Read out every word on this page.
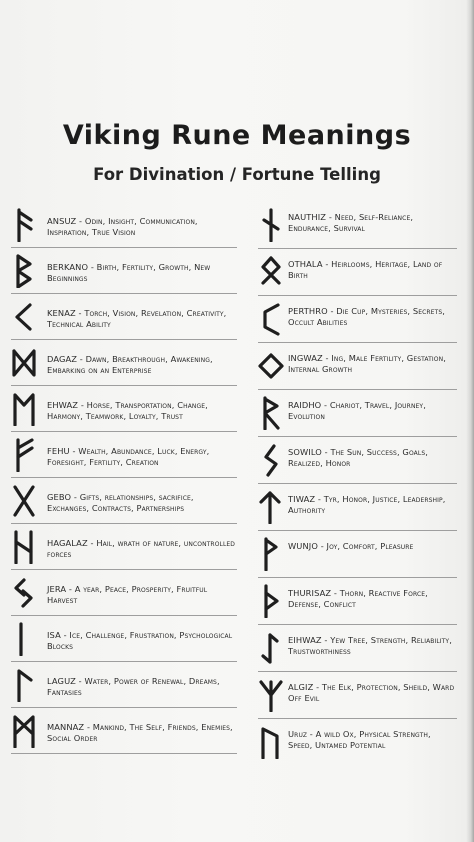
Viking Rune Meanings
For Divination / Fortune Telling
ANSUZ - Odin, Insight, Communication, Inspiration, True Vision
BERKANO - Birth, Fertility, Growth, New Beginnings
KENAZ - Torch, Vision, Revelation, Creativity, Technical Ability
DAGAZ - Dawn, Breakthrough, Awakening, Embarking on an Enterprise
EHWAZ - Horse, Transportation, Change, Harmony, Teamwork, Loyalty, Trust
FEHU - Wealth, Abundance, Luck, Energy, Foresight, Fertility, Creation
GEBO - Gifts, relationships, sacrifice, Exchanges, Contracts, Partnerships
HAGALAZ - Hail, wrath of nature, uncontrolled forces
JERA - A year, Peace, Prosperity, Fruitful Harvest
ISA - Ice, Challenge, Frustration, Psychological Blocks
LAGUZ - Water, Power of Renewal, Dreams, Fantasies
MANNAZ - Mankind, The Self, Friends, Enemies, Social Order
NAUTHIZ - Need, Self-Reliance, Endurance, Survival
OTHALA - Heirlooms, Heritage, Land of Birth
PERTHRO - Die Cup, Mysteries, Secrets, Occult Abilities
INGWAZ - Ing, Male Fertility, Gestation, Internal Growth
RAIDHO - Chariot, Travel, Journey, Evolution
SOWILO - The Sun, Success, Goals, Realized, Honor
TIWAZ - Tyr, Honor, Justice, Leadership, Authority
WUNJO - Joy, Comfort, Pleasure
THURISAZ - Thorn, Reactive Force, Defense, Conflict
EIHWAZ - Yew Tree, Strength, Reliability, Trustworthiness
ALGIZ - The Elk, Protection, Sheild, Ward Off Evil
Uruz - A wild Ox, Physical Strength, Speed, Untamed Potential
